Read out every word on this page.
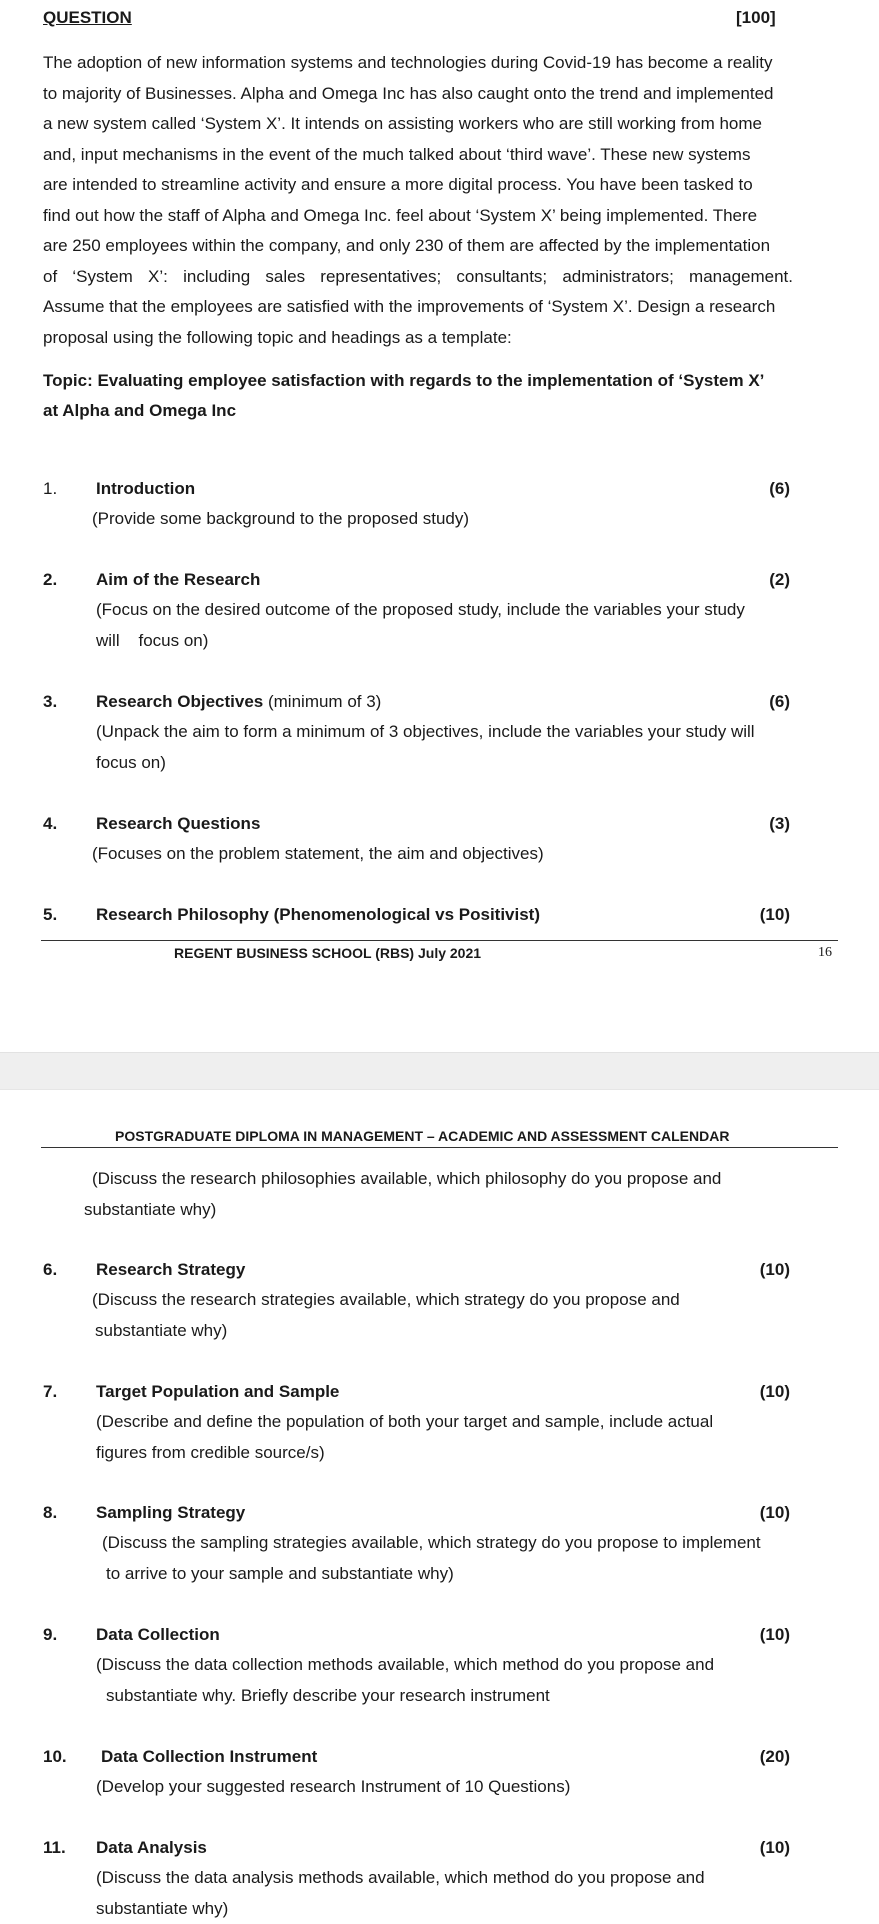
QUESTION	[100]
The adoption of new information systems and technologies during Covid-19 has become a reality
to majority of Businesses. Alpha and Omega Inc has also caught onto the trend and implemented
a new system called ‘System X’. It intends on assisting workers who are still working from home
and, input mechanisms in the event of the much talked about ‘third wave’. These new systems
are intended to streamline activity and ensure a more digital process. You have been tasked to
find out how the staff of Alpha and Omega Inc. feel about ‘System X’ being implemented. There
are 250 employees within the company, and only 230 of them are affected by the implementation
of ‘System X’: including sales representatives; consultants; administrators; management.
Assume that the employees are satisfied with the improvements of ‘System X’. Design a research
proposal using the following topic and headings as a template:
Topic: Evaluating employee satisfaction with regards to the implementation of ‘System X’
at Alpha and Omega Inc
1. Introduction	(6)
(Provide some background to the proposed study)
2. Aim of the Research	(2)
(Focus on the desired outcome of the proposed study, include the variables your study
will    focus on)
3. Research Objectives (minimum of 3)	(6)
(Unpack the aim to form a minimum of 3 objectives, include the variables your study will
focus on)
4. Research Questions	(3)
(Focuses on the problem statement, the aim and objectives)
5. Research Philosophy (Phenomenological vs Positivist)	(10)
(Discuss the research philosophies available, which philosophy do you propose and
substantiate why)
REGENT BUSINESS SCHOOL (RBS) July 2021	16
POSTGRADUATE DIPLOMA IN MANAGEMENT – ACADEMIC AND ASSESSMENT CALENDAR
6. Research Strategy	(10)
(Discuss the research strategies available, which strategy do you propose and
substantiate why)
7. Target Population and Sample	(10)
(Describe and define the population of both your target and sample, include actual
figures from credible source/s)
8. Sampling Strategy	(10)
(Discuss the sampling strategies available, which strategy do you propose to implement
to arrive to your sample and substantiate why)
9. Data Collection	(10)
(Discuss the data collection methods available, which method do you propose and
substantiate why. Briefly describe your research instrument
10. Data Collection Instrument	(20)
(Develop your suggested research Instrument of 10 Questions)
11. Data Analysis	(10)
(Discuss the data analysis methods available, which method do you propose and
substantiate why)
